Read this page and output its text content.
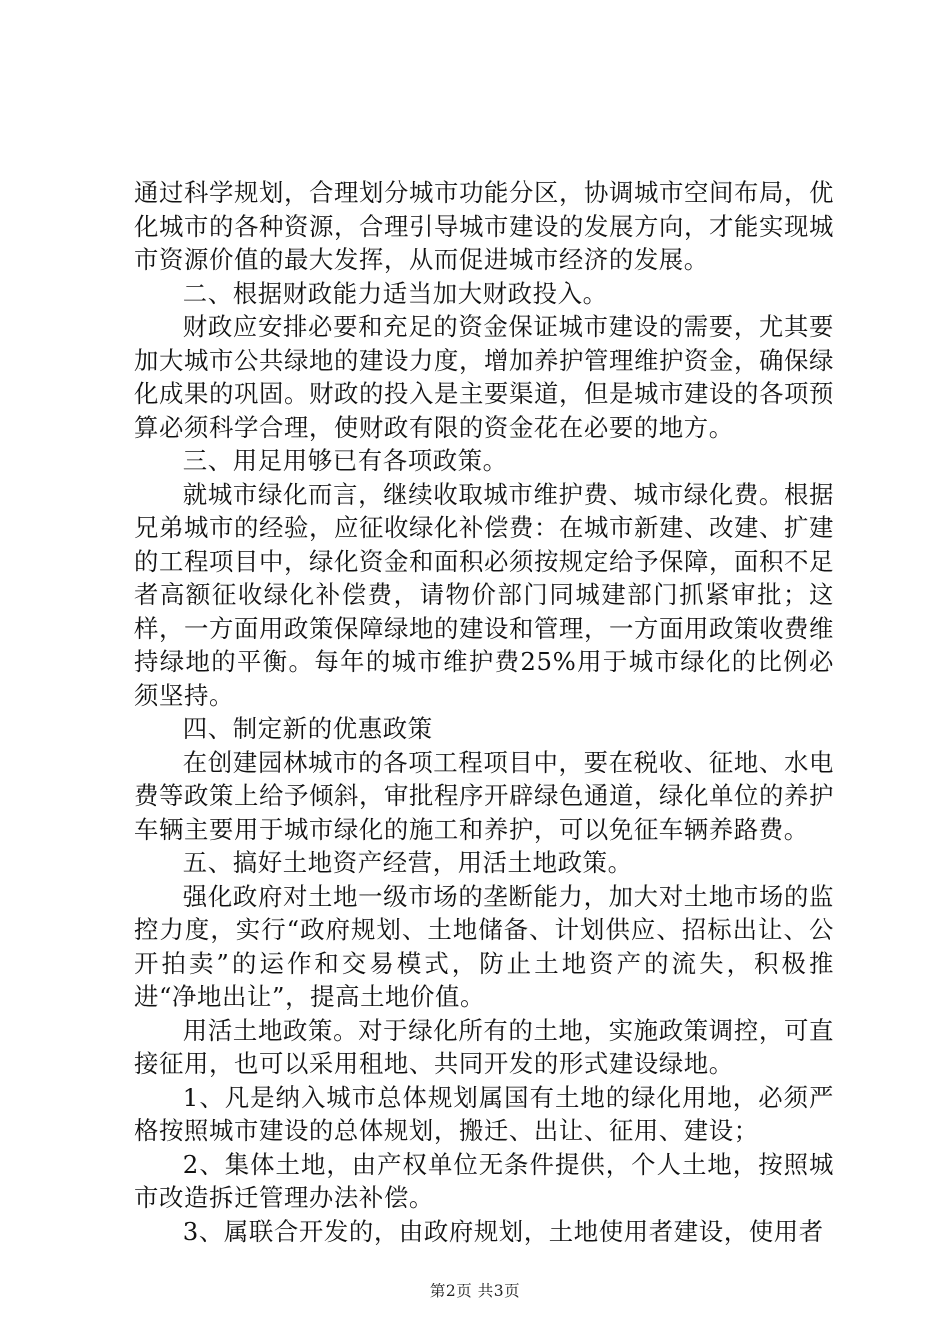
通过科学规划，合理划分城市功能分区，协调城市空间布局，优化城市的各种资源，合理引导城市建设的发展方向，才能实现城市资源价值的最大发挥，从而促进城市经济的发展。

二、根据财政能力适当加大财政投入。

财政应安排必要和充足的资金保证城市建设的需要，尤其要加大城市公共绿地的建设力度，增加养护管理维护资金，确保绿化成果的巩固。财政的投入是主要渠道，但是城市建设的各项预算必须科学合理，使财政有限的资金花在必要的地方。

三、用足用够已有各项政策。

就城市绿化而言，继续收取城市维护费、城市绿化费。根据兄弟城市的经验，应征收绿化补偿费：在城市新建、改建、扩建的工程项目中，绿化资金和面积必须按规定给予保障，面积不足者高额征收绿化补偿费，请物价部门同城建部门抓紧审批；这样，一方面用政策保障绿地的建设和管理，一方面用政策收费维持绿地的平衡。每年的城市维护费25%用于城市绿化的比例必须坚持。

四、制定新的优惠政策

在创建园林城市的各项工程项目中，要在税收、征地、水电费等政策上给予倾斜，审批程序开辟绿色通道，绿化单位的养护车辆主要用于城市绿化的施工和养护，可以免征车辆养路费。

五、搞好土地资产经营，用活土地政策。

强化政府对土地一级市场的垄断能力，加大对土地市场的监控力度，实行“政府规划、土地储备、计划供应、招标出让、公开拍卖”的运作和交易模式，防止土地资产的流失，积极推进“净地出让”，提高土地价值。

用活土地政策。对于绿化所有的土地，实施政策调控，可直接征用，也可以采用租地、共同开发的形式建设绿地。

1、凡是纳入城市总体规划属国有土地的绿化用地，必须严格按照城市建设的总体规划，搬迁、出让、征用、建设；

2、集体土地，由产权单位无条件提供，个人土地，按照城市改造拆迁管理办法补偿。

3、属联合开发的，由政府规划，土地使用者建设，使用者

第2页 共3页
